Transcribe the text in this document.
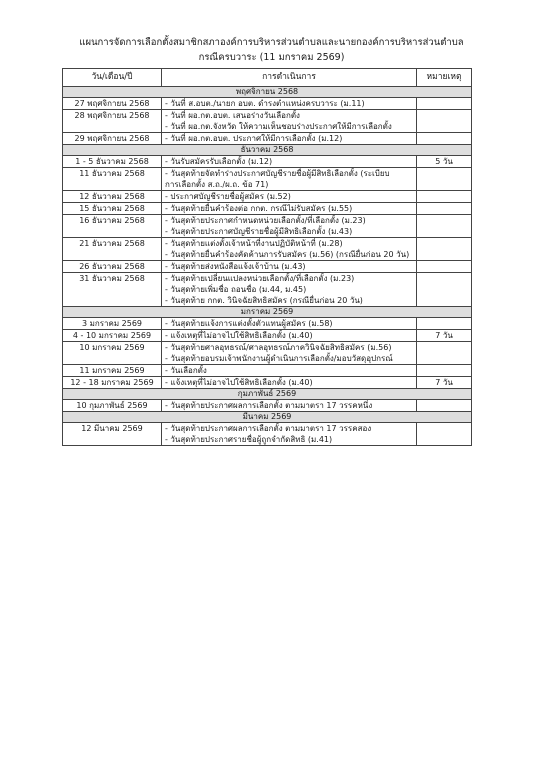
แผนการจัดการเลือกตั้งสมาชิกสภาองค์การบริหารส่วนตำบลและนายกองค์การบริหารส่วนตำบล
กรณีครบวาระ (11 มกราคม 2569)
วัน/เดือน/ปี	การดำเนินการ	หมายเหตุ
พฤศจิกายน 2568		
27 พฤศจิกายน 2568	- วันที่ ส.อบต./นายก อบต. ดำรงตำแหน่งครบวาระ (ม.11)	

28 พฤศจิกายน 2568	- วันที่ ผอ.กต.อบต. เสนอร่างวันเลือกตั้ง
- วันที่ ผอ.กต.จังหวัด ให้ความเห็นชอบร่างประกาศให้มีการเลือกตั้ง	

29 พฤศจิกายน 2568	- วันที่ ผอ.กต.อบต. ประกาศให้มีการเลือกตั้ง (ม.12)	

ธันวาคม 2568		
1 - 5 ธันวาคม 2568	- วันรับสมัครรับเลือกตั้ง (ม.12)	5 วัน
11 ธันวาคม 2568	- วันสุดท้ายจัดทำร่างประกาศบัญชีรายชื่อผู้มีสิทธิเลือกตั้ง (ระเบียบ
การเลือกตั้ง ส.ถ./ผ.ถ. ข้อ 71)	

12 ธันวาคม 2568	- ประกาศบัญชีรายชื่อผู้สมัคร (ม.52)	

15 ธันวาคม 2568	- วันสุดท้ายยื่นคำร้องต่อ กกต. กรณีไม่รับสมัคร (ม.55)	

16 ธันวาคม 2568	- วันสุดท้ายประกาศกำหนดหน่วยเลือกตั้ง/ที่เลือกตั้ง (ม.23)
- วันสุดท้ายประกาศบัญชีรายชื่อผู้มีสิทธิเลือกตั้ง (ม.43)	

21 ธันวาคม 2568	- วันสุดท้ายแต่งตั้งเจ้าหน้าที่งานปฏิบัติหน้าที่ (ม.28)
- วันสุดท้ายยื่นคำร้องคัดค้านการรับสมัคร (ม.56) (กรณียื่นก่อน 20 วัน)	

26 ธันวาคม 2568	- วันสุดท้ายส่งหนังสือแจ้งเจ้าบ้าน (ม.43)	

31 ธันวาคม 2568	- วันสุดท้ายเปลี่ยนแปลงหน่วยเลือกตั้ง/ที่เลือกตั้ง (ม.23)
- วันสุดท้ายเพิ่มชื่อ ถอนชื่อ (ม.44, ม.45)
- วันสุดท้าย กกต. วินิจฉัยสิทธิสมัคร (กรณียื่นก่อน 20 วัน)	

มกราคม 2569		
3 มกราคม 2569	- วันสุดท้ายแจ้งการแต่งตั้งตัวแทนผู้สมัคร (ม.58)	

4 - 10 มกราคม 2569	- แจ้งเหตุที่ไม่อาจไปใช้สิทธิเลือกตั้ง (ม.40)	7 วัน
10 มกราคม 2569	- วันสุดท้ายศาลอุทธรณ์/ศาลอุทธรณ์ภาควินิจฉัยสิทธิสมัคร (ม.56)
- วันสุดท้ายอบรมเจ้าพนักงานผู้ดำเนินการเลือกตั้ง/มอบวัสดุอุปกรณ์	

11 มกราคม 2569	- วันเลือกตั้ง	

12 - 18 มกราคม 2569	- แจ้งเหตุที่ไม่อาจไปใช้สิทธิเลือกตั้ง (ม.40)	7 วัน
กุมภาพันธ์ 2569		
10 กุมภาพันธ์ 2569	- วันสุดท้ายประกาศผลการเลือกตั้ง ตามมาตรา 17 วรรคหนึ่ง	

มีนาคม 2569		
12 มีนาคม 2569	- วันสุดท้ายประกาศผลการเลือกตั้ง ตามมาตรา 17 วรรคสอง
- วันสุดท้ายประกาศรายชื่อผู้ถูกจำกัดสิทธิ (ม.41)	
